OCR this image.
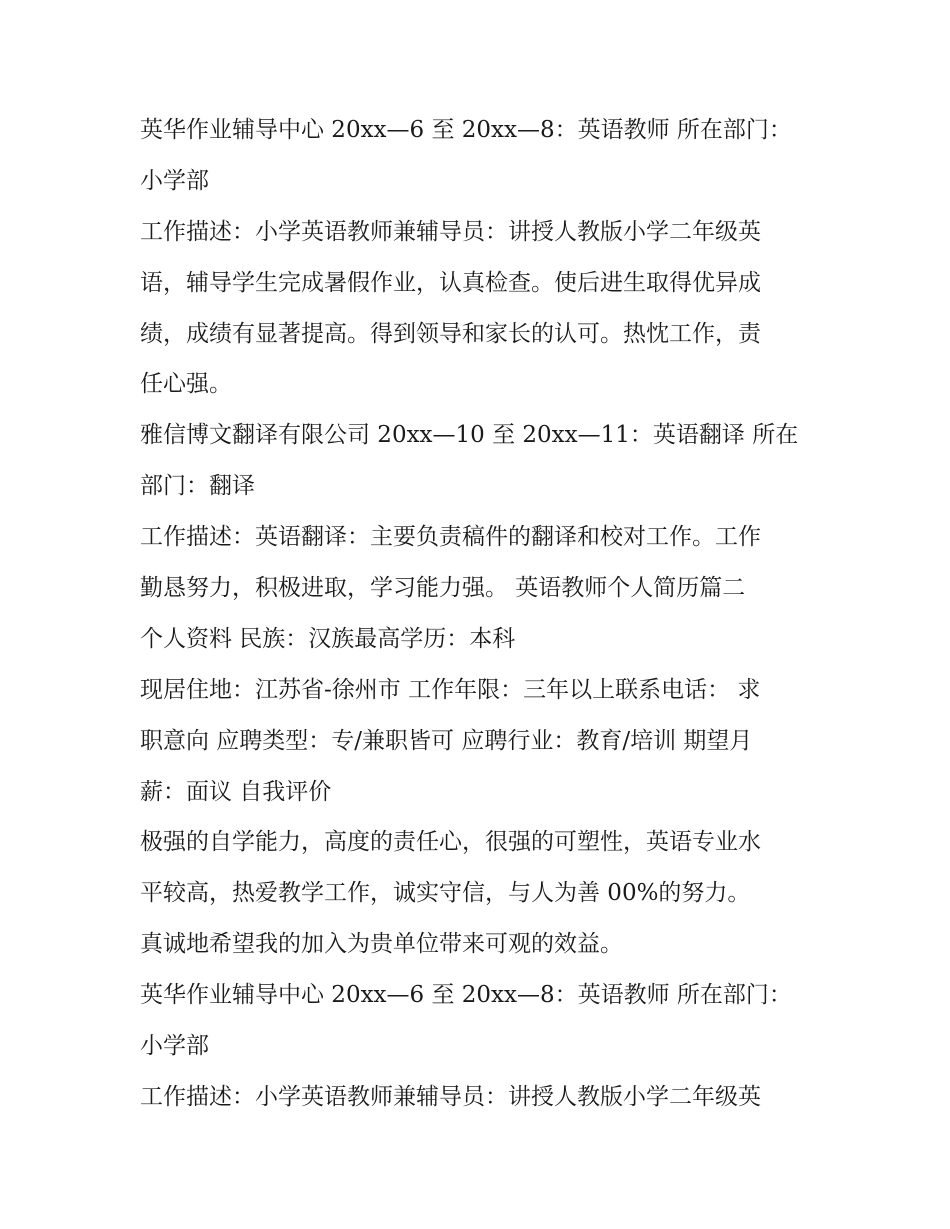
英华作业辅导中心 20xx—6 至 20xx—8：英语教师 所在部门：
小学部
工作描述：小学英语教师兼辅导员：讲授人教版小学二年级英
语，辅导学生完成暑假作业，认真检查。使后进生取得优异成
绩，成绩有显著提高。得到领导和家长的认可。热忱工作，责
任心强。
雅信博文翻译有限公司 20xx—10 至 20xx—11：英语翻译 所在
部门：翻译
工作描述：英语翻译：主要负责稿件的翻译和校对工作。工作
勤恳努力，积极进取，学习能力强。 英语教师个人简历篇二
个人资料 民族：汉族最高学历：本科
现居住地：江苏省-徐州市 工作年限：三年以上联系电话： 求
职意向 应聘类型：专/兼职皆可 应聘行业：教育/培训 期望月
薪：面议 自我评价
极强的自学能力，高度的责任心，很强的可塑性，英语专业水
平较高，热爱教学工作，诚实守信，与人为善 00%的努力。
真诚地希望我的加入为贵单位带来可观的效益。
英华作业辅导中心 20xx—6 至 20xx—8：英语教师 所在部门：
小学部
工作描述：小学英语教师兼辅导员：讲授人教版小学二年级英
